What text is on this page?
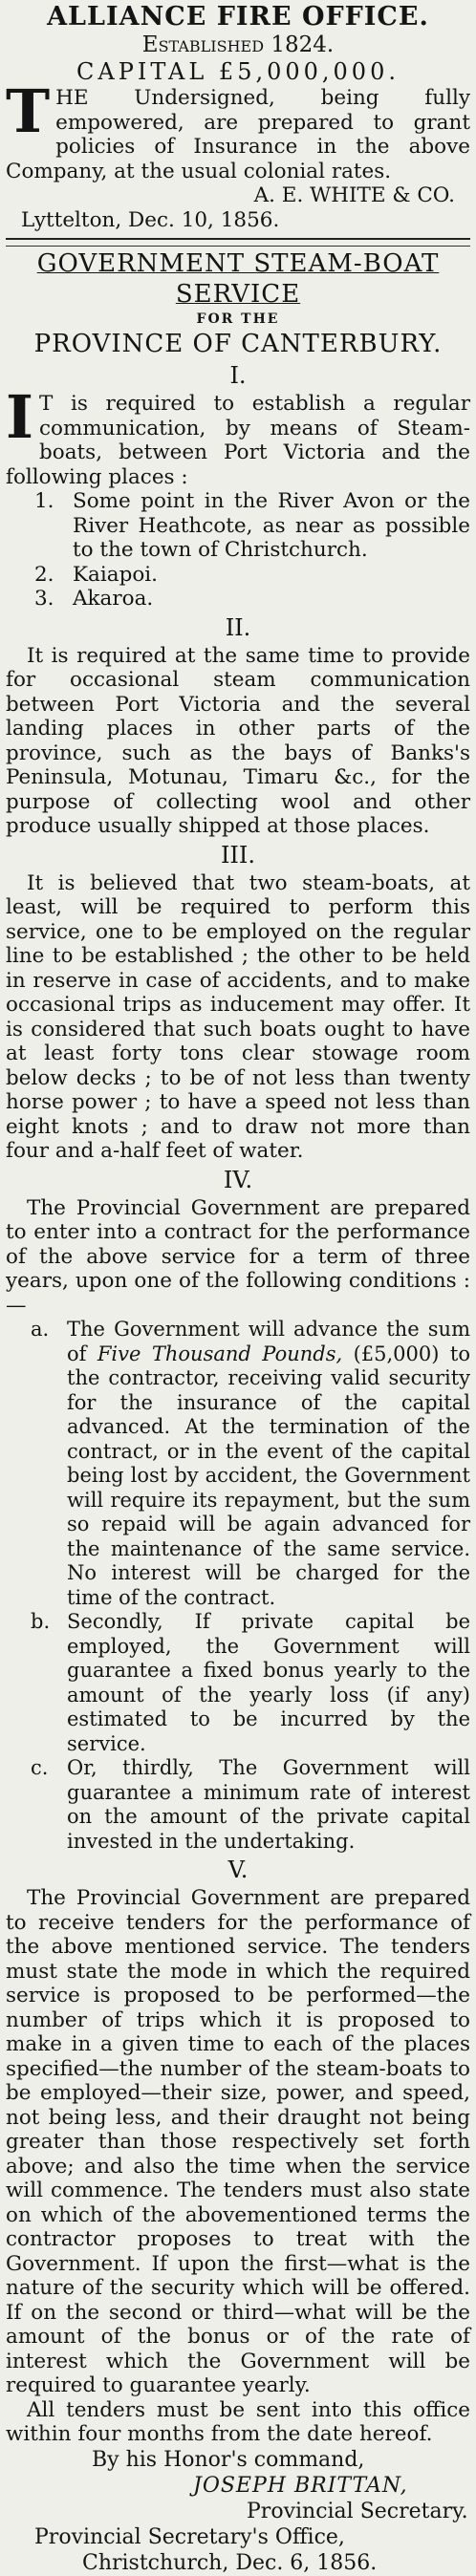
ALLIANCE FIRE OFFICE.
Established 1824.
CAPITAL £5,000,000.

THE Undersigned, being fully empowered, are prepared to grant policies of Insurance in the above Company, at the usual colonial rates.

A. E. WHITE & CO.
Lyttelton, Dec. 10, 1856.
GOVERNMENT STEAM-BOAT SERVICE
FOR THE
PROVINCE OF CANTERBURY.
I.

I T is required to establish a regular communication, by means of Steam-boats, between Port Victoria and the following places :

1. Some point in the River Avon or the River Heathcote, as near as possible to the town of Christchurch.
2. Kaiapoi.
3. Akaroa.
II.

It is required at the same time to provide for occasional steam communication between Port Victoria and the several landing places in other parts of the province, such as the bays of Banks's Peninsula, Motunau, Timaru &c., for the purpose of collecting wool and other produce usually shipped at those places.

III.

It is believed that two steam-boats, at least, will be required to perform this service, one to be employed on the regular line to be established ; the other to be held in reserve in case of accidents, and to make occasional trips as inducement may offer. It is considered that such boats ought to have at least forty tons clear stowage room below decks ; to be of not less than twenty horse power ; to have a speed not less than eight knots ; and to draw not more than four and a-half feet of water.

IV.

The Provincial Government are prepared to enter into a contract for the performance of the above service for a term of three years, upon one of the following conditions :—

a. The Government will advance the sum of Five Thousand Pounds, (£5,000) to the contractor, receiving valid security for the insurance of the capital advanced. At the termination of the contract, or in the event of the capital being lost by accident, the Government will require its repayment, but the sum so repaid will be again advanced for the maintenance of the same service. No interest will be charged for the time of the contract.
b. Secondly, If private capital be employed, the Government will guarantee a fixed bonus yearly to the amount of the yearly loss (if any) estimated to be incurred by the service.
c. Or, thirdly, The Government will guarantee a minimum rate of interest on the amount of the private capital invested in the undertaking.
V.

The Provincial Government are prepared to receive tenders for the performance of the above mentioned service. The tenders must state the mode in which the required service is proposed to be performed—the number of trips which it is proposed to make in a given time to each of the places specified—the number of the steam-boats to be employed—their size, power, and speed, not being less, and their draught not being greater than those respectively set forth above; and also the time when the service will commence. The tenders must also state on which of the abovementioned terms the contractor proposes to treat with the Government. If upon the first—what is the nature of the security which will be offered. If on the second or third—what will be the amount of the bonus or of the rate of interest which the Government will be required to guarantee yearly.

All tenders must be sent into this office within four months from the date hereof.

By his Honor's command,
JOSEPH BRITTAN,
Provincial Secretary.
Provincial Secretary's Office,
Christchurch, Dec. 6, 1856.
